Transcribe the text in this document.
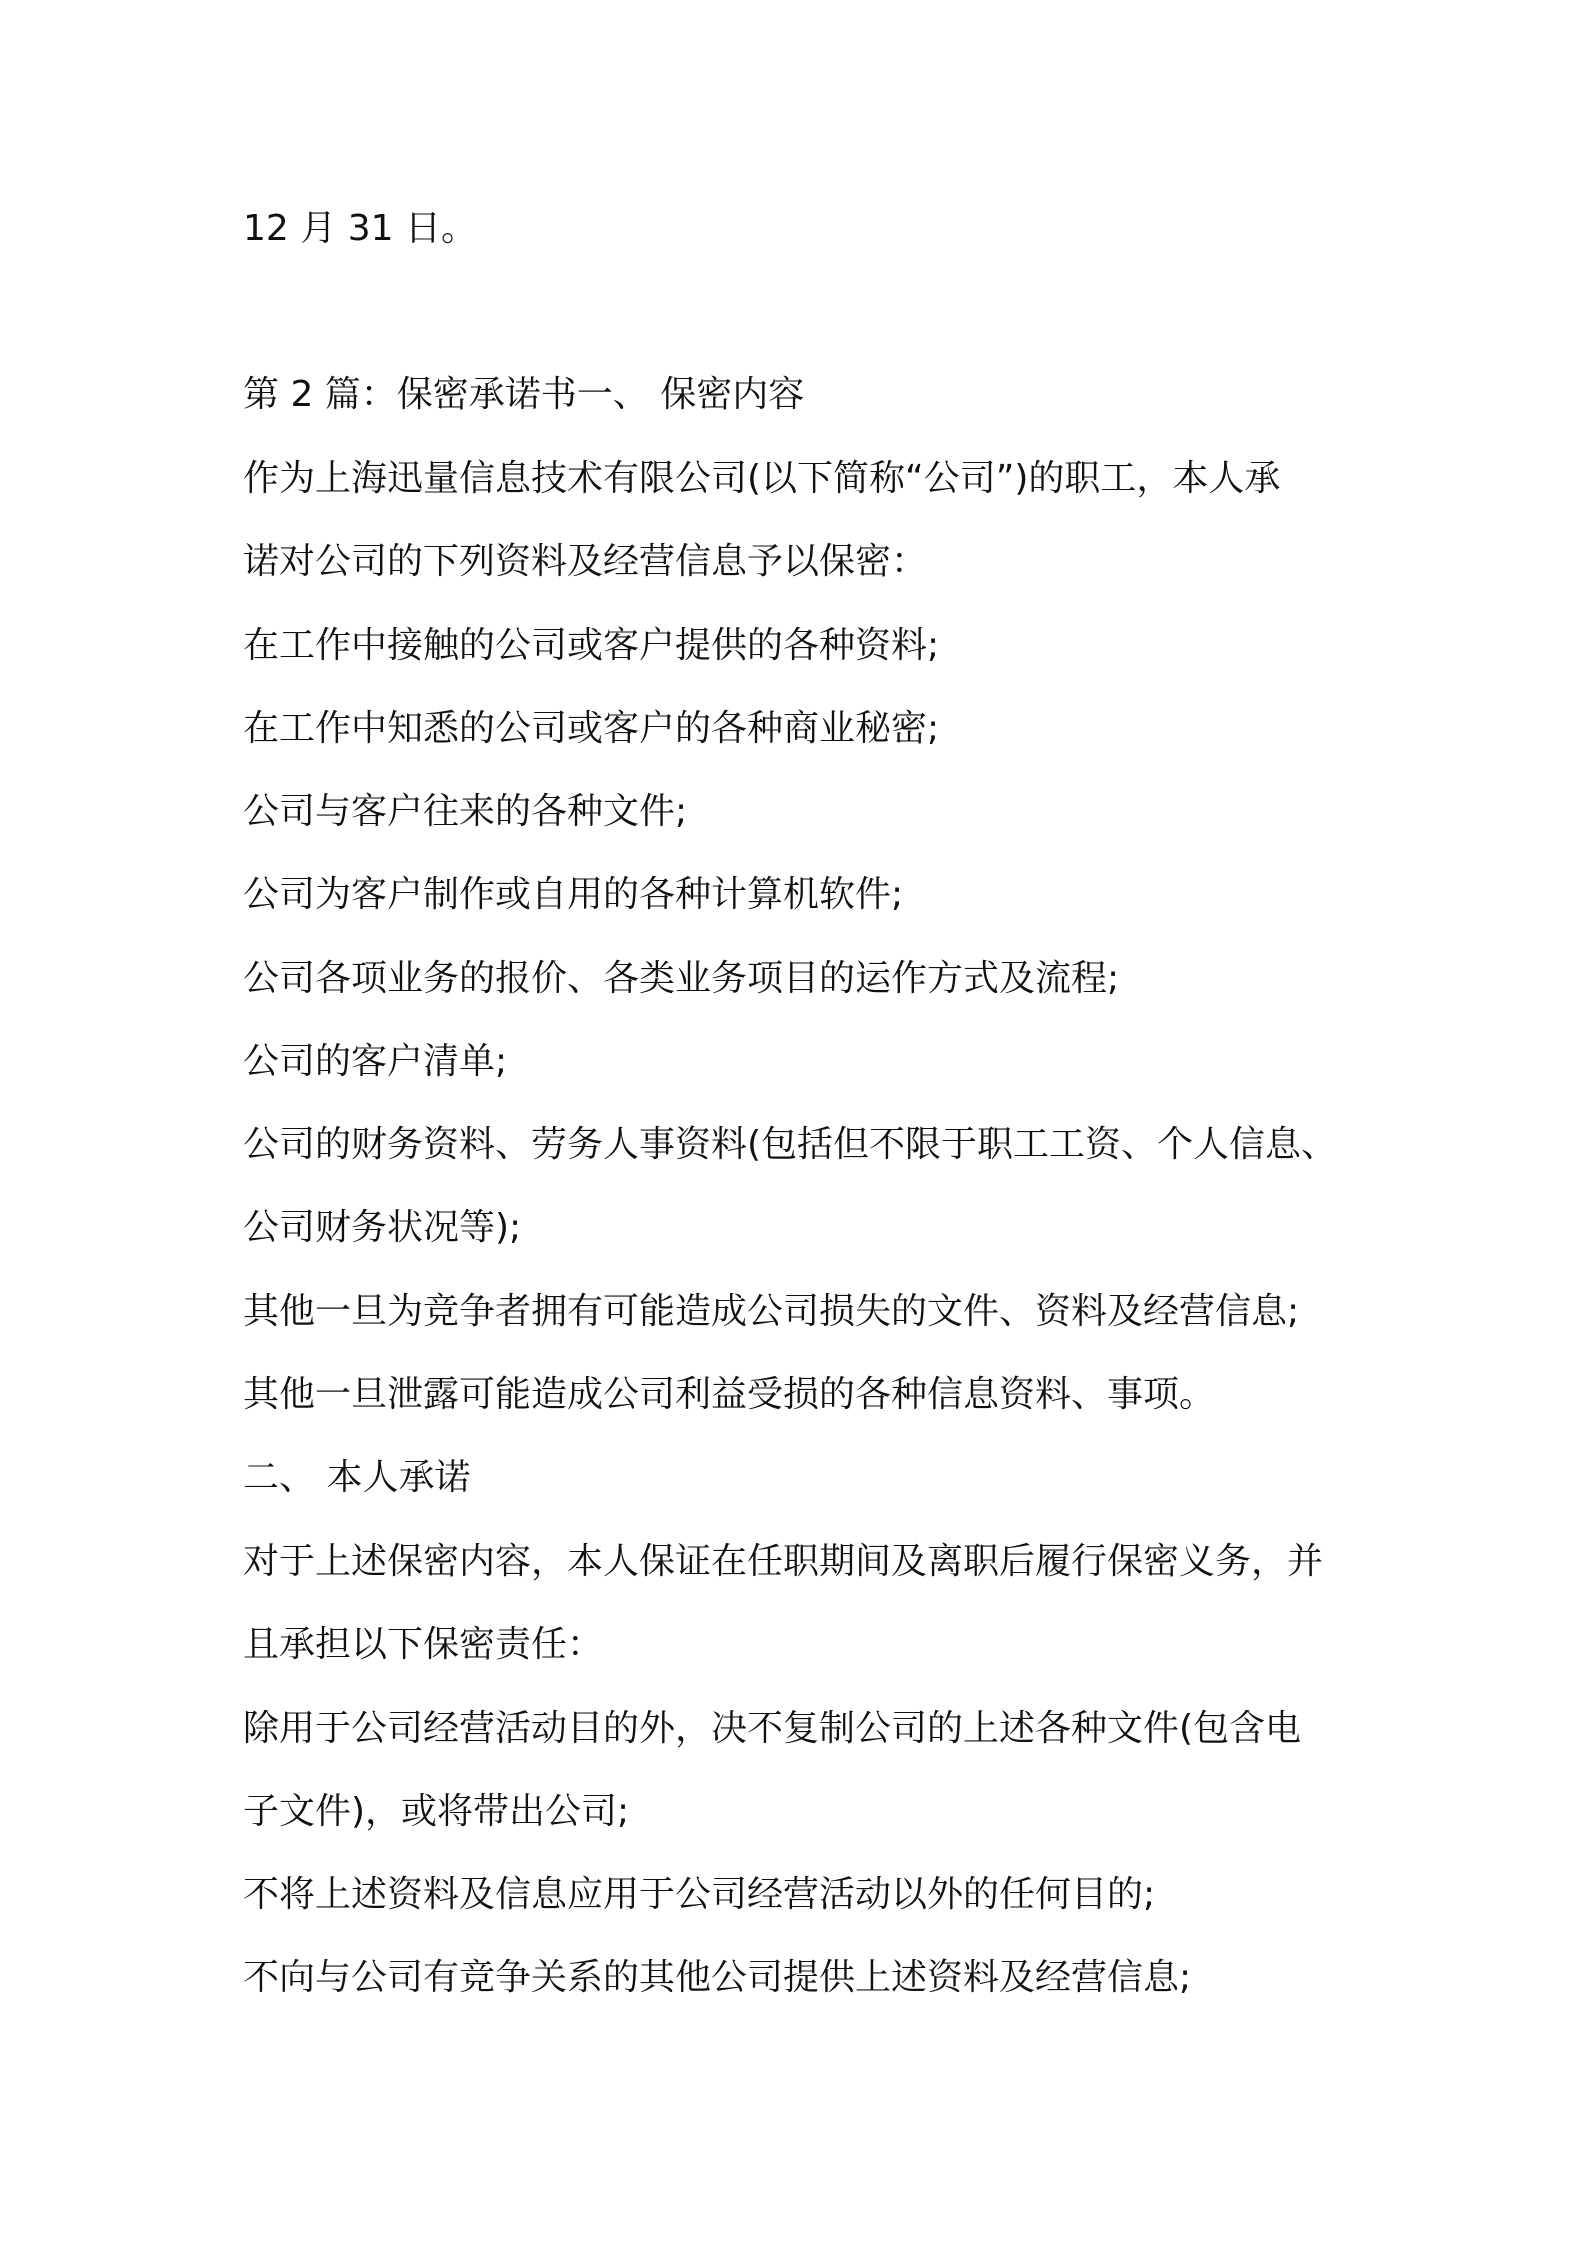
12 月 31 日。
第 2 篇：保密承诺书一、 保密内容
作为上海迅量信息技术有限公司(以下简称“公司”)的职工，本人承
诺对公司的下列资料及经营信息予以保密：
在工作中接触的公司或客户提供的各种资料;
在工作中知悉的公司或客户的各种商业秘密;
公司与客户往来的各种文件;
公司为客户制作或自用的各种计算机软件;
公司各项业务的报价、各类业务项目的运作方式及流程;
公司的客户清单;
公司的财务资料、劳务人事资料(包括但不限于职工工资、个人信息、
公司财务状况等);
其他一旦为竞争者拥有可能造成公司损失的文件、资料及经营信息;
其他一旦泄露可能造成公司利益受损的各种信息资料、事项。
二、 本人承诺
对于上述保密内容，本人保证在任职期间及离职后履行保密义务，并
且承担以下保密责任：
除用于公司经营活动目的外，决不复制公司的上述各种文件(包含电
子文件)，或将带出公司;
不将上述资料及信息应用于公司经营活动以外的任何目的;
不向与公司有竞争关系的其他公司提供上述资料及经营信息;
